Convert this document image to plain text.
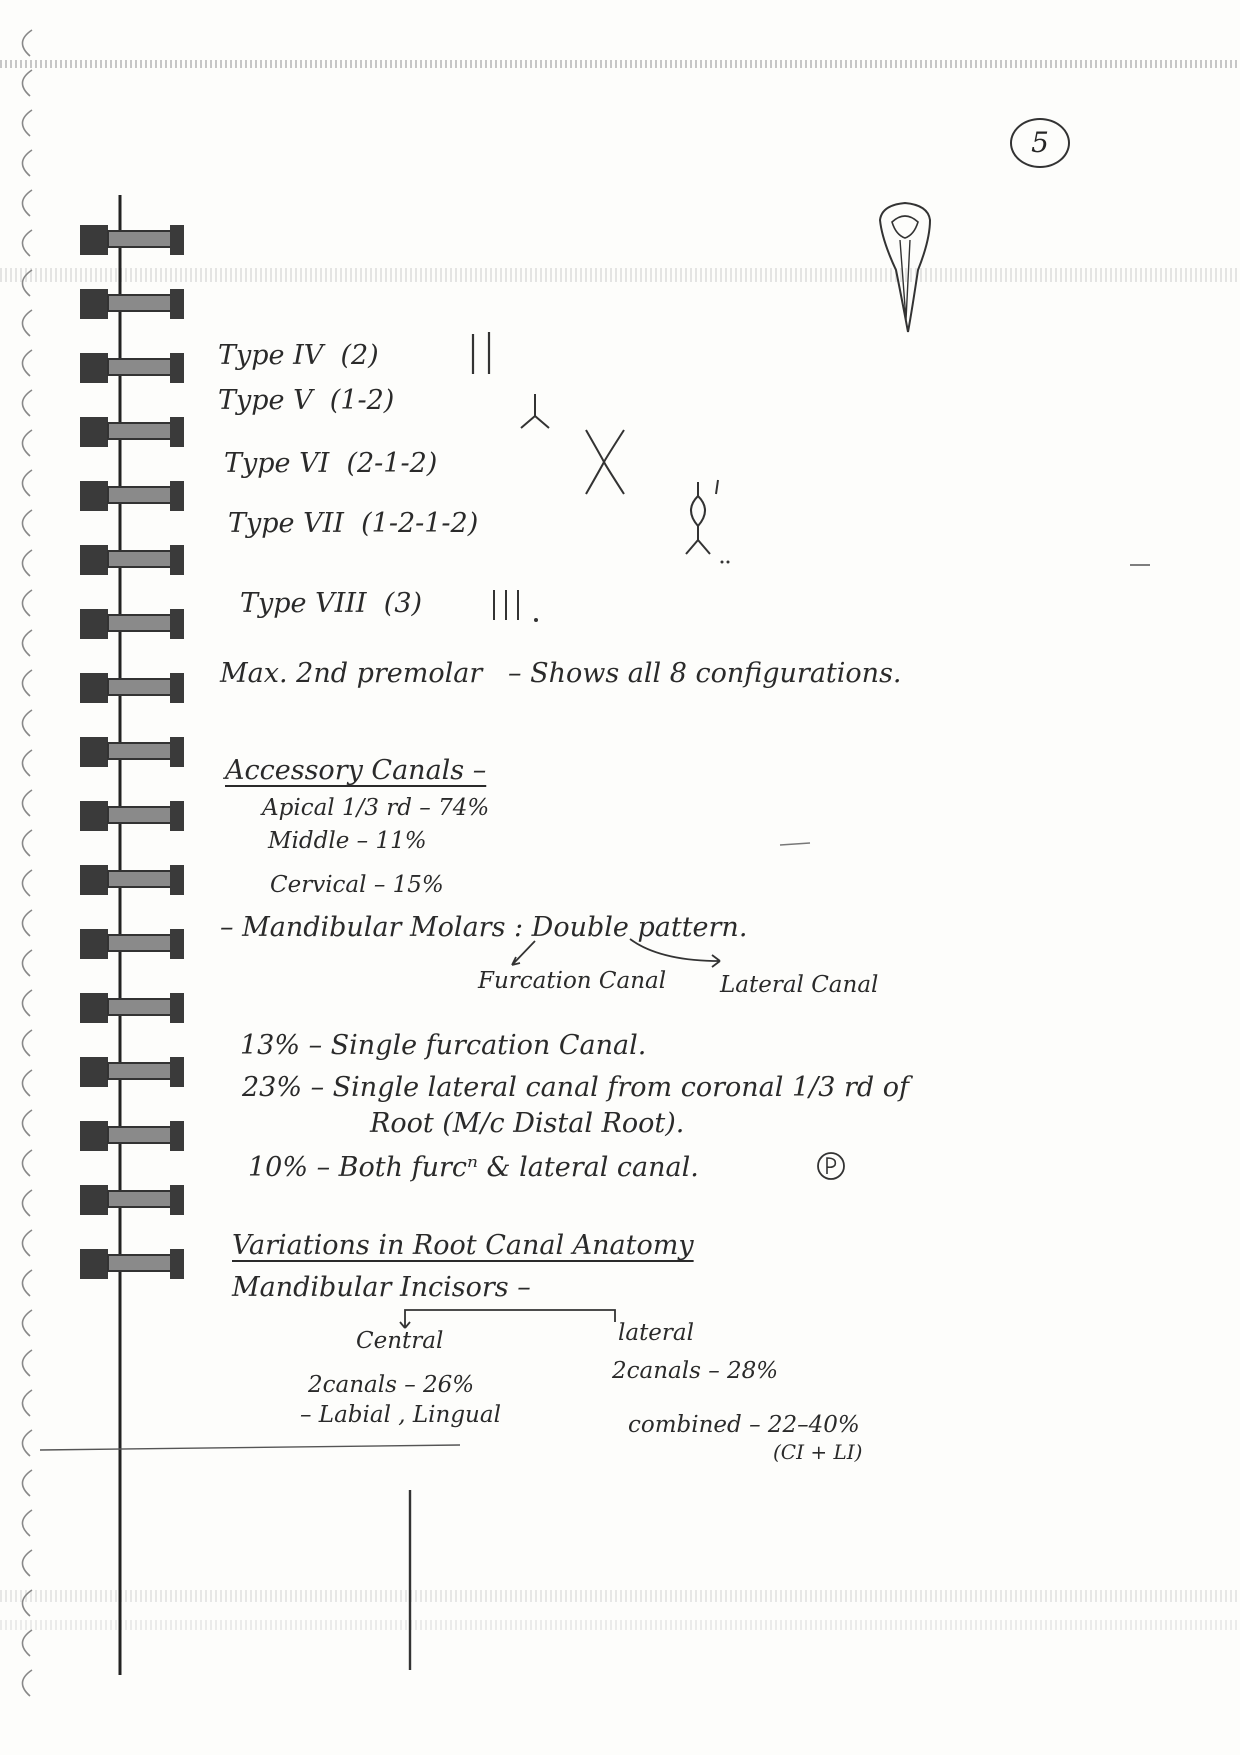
5
Type IV (2)
Type V (1-2)
Type VI (2-1-2)
Type VII (1-2-1-2)
Type VIII (3)
Max. 2nd premolar – Shows all 8 configurations.
Accessory Canals –
Apical 1/3 rd – 74%
Middle – 11%
Cervical – 15%
– Mandibular Molars : Double pattern.
Furcation Canal Lateral Canal
13% – Single furcation Canal.
23% – Single lateral canal from coronal 1/3 rd of
Root (M/c Distal Root).
10% – Both furcⁿ & lateral canal.
Variations in Root Canal Anatomy
Mandibular Incisors –
Central	lateral
2canals – 26%
– Labial , Lingual
2canals – 28%
combined – 22–40%
(CI + LI)
